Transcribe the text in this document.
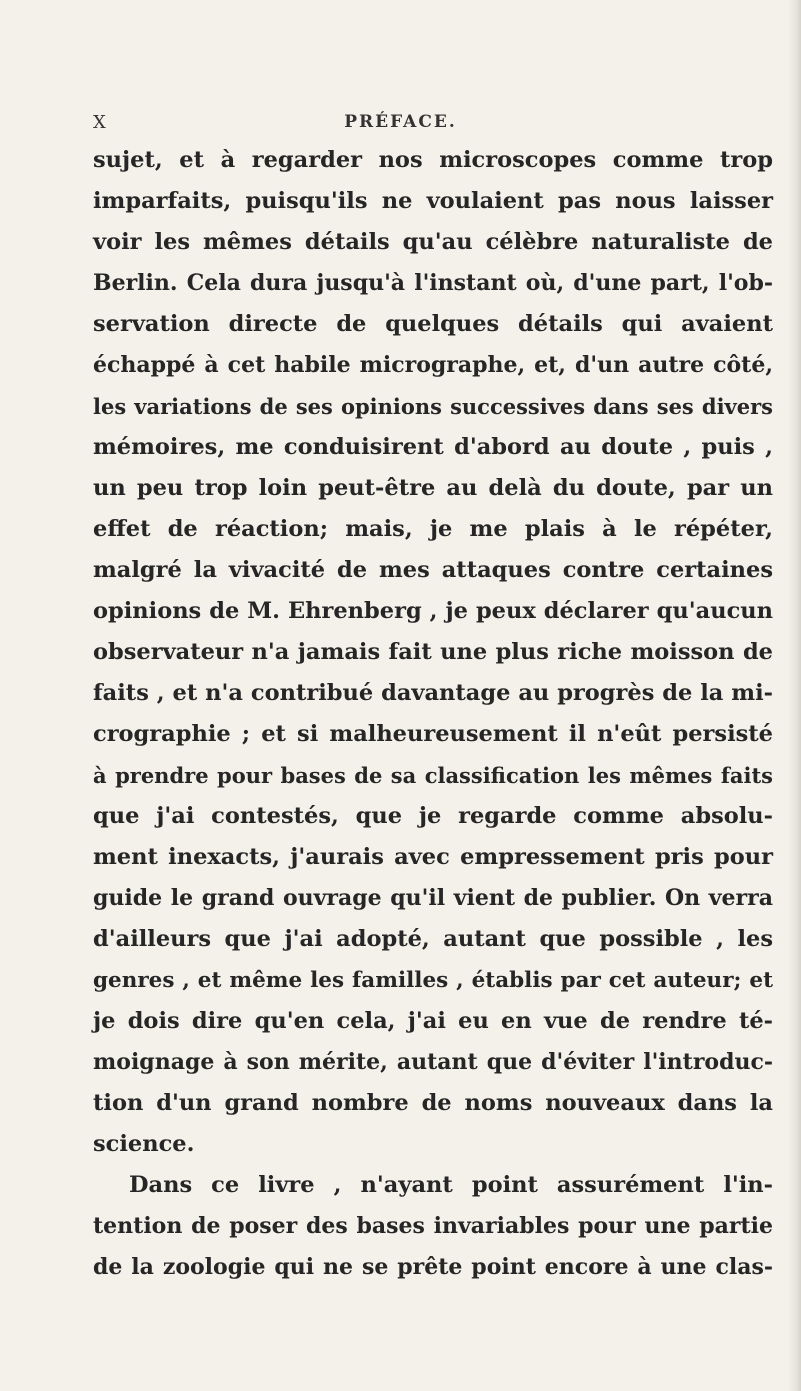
X	PRÉFACE.
sujet, et à regarder nos microscopes comme trop
imparfaits, puisqu'ils ne voulaient pas nous laisser
voir les mêmes détails qu'au célèbre naturaliste de
Berlin. Cela dura jusqu'à l'instant où, d'une part, l'ob-
servation directe de quelques détails qui avaient
échappé à cet habile micrographe, et, d'un autre côté,
les variations de ses opinions successives dans ses divers
mémoires, me conduisirent d'abord au doute , puis ,
un peu trop loin peut-être au delà du doute, par un
effet de réaction; mais, je me plais à le répéter,
malgré la vivacité de mes attaques contre certaines
opinions de M. Ehrenberg , je peux déclarer qu'aucun
observateur n'a jamais fait une plus riche moisson de
faits , et n'a contribué davantage au progrès de la mi-
crographie ; et si malheureusement il n'eût persisté
à prendre pour bases de sa classification les mêmes faits
que j'ai contestés, que je regarde comme absolu-
ment inexacts, j'aurais avec empressement pris pour
guide le grand ouvrage qu'il vient de publier. On verra
d'ailleurs que j'ai adopté, autant que possible , les
genres , et même les familles , établis par cet auteur; et
je dois dire qu'en cela, j'ai eu en vue de rendre té-
moignage à son mérite, autant que d'éviter l'introduc-
tion d'un grand nombre de noms nouveaux dans la
science.
Dans ce livre , n'ayant point assurément l'in-
tention de poser des bases invariables pour une partie
de la zoologie qui ne se prête point encore à une clas-
